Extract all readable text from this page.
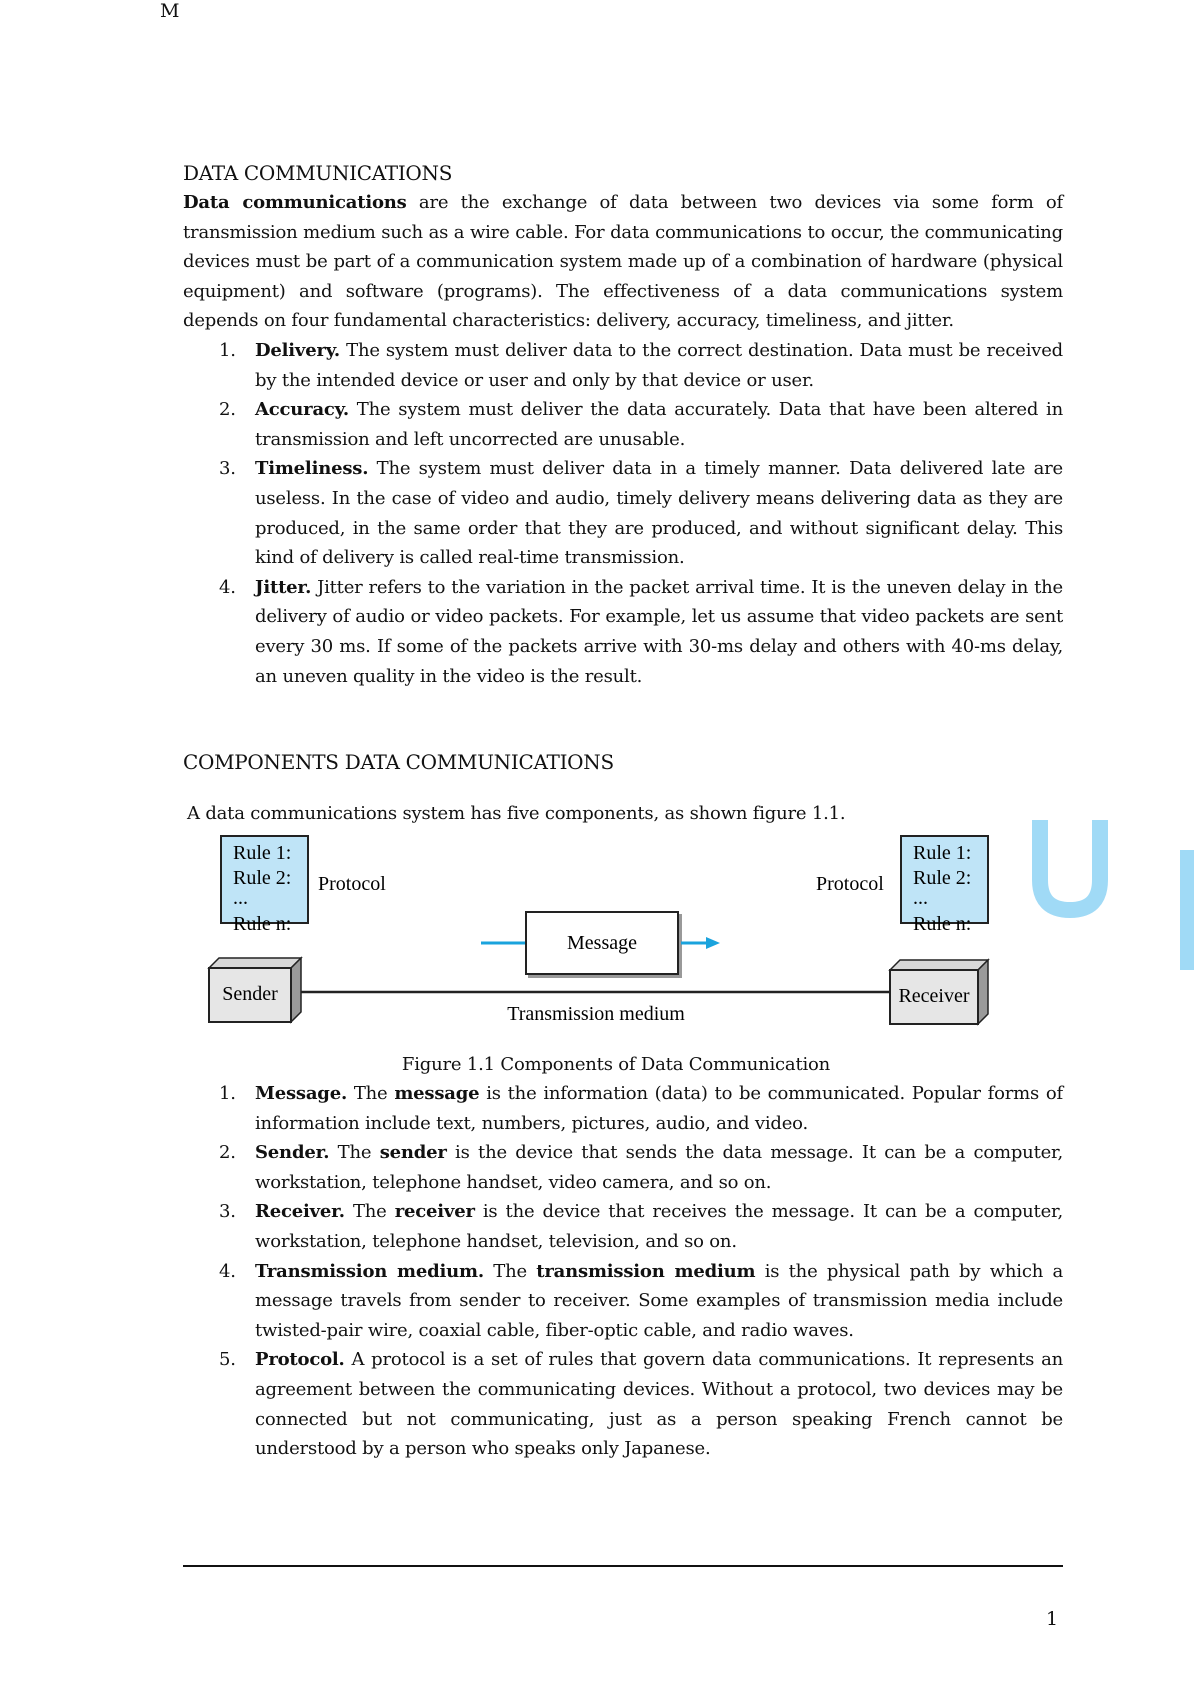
M
DATA COMMUNICATIONS

Data communications are the exchange of data between two devices via some form of transmission medium such as a wire cable. For data communications to occur, the communicating devices must be part of a communication system made up of a combination of hardware (physical equipment) and software (programs). The effectiveness of a data communications system depends on four fundamental characteristics: delivery, accuracy, timeliness, and jitter.

1. Delivery. The system must deliver data to the correct destination. Data must be received by the intended device or user and only by that device or user.
2. Accuracy. The system must deliver the data accurately. Data that have been altered in transmission and left uncorrected are unusable.
3. Timeliness. The system must deliver data in a timely manner. Data delivered late are useless. In the case of video and audio, timely delivery means delivering data as they are produced, in the same order that they are produced, and without significant delay. This kind of delivery is called real-time transmission.
4. Jitter. Jitter refers to the variation in the packet arrival time. It is the uneven delay in the delivery of audio or video packets. For example, let us assume that video packets are sent every 30 ms. If some of the packets arrive with 30-ms delay and others with 40-ms delay, an uneven quality in the video is the result.
COMPONENTS DATA COMMUNICATIONS
A data communications system has five components, as shown figure 1.1.
Rule 1:
Rule 2:
...
Rule n:
Protocol
Rule 1:
Rule 2:
...
Rule n:
Protocol
Message
Sender	Receiver
Transmission medium
Figure 1.1 Components of Data Communication
1. Message. The message is the information (data) to be communicated. Popular forms of information include text, numbers, pictures, audio, and video.
2. Sender. The sender is the device that sends the data message. It can be a computer, workstation, telephone handset, video camera, and so on.
3. Receiver. The receiver is the device that receives the message. It can be a computer, workstation, telephone handset, television, and so on.
4. Transmission medium. The transmission medium is the physical path by which a message travels from sender to receiver. Some examples of transmission media include twisted-pair wire, coaxial cable, fiber-optic cable, and radio waves.
5. Protocol. A protocol is a set of rules that govern data communications. It represents an agreement between the communicating devices. Without a protocol, two devices may be connected but not communicating, just as a person speaking French cannot be understood by a person who speaks only Japanese.
1
